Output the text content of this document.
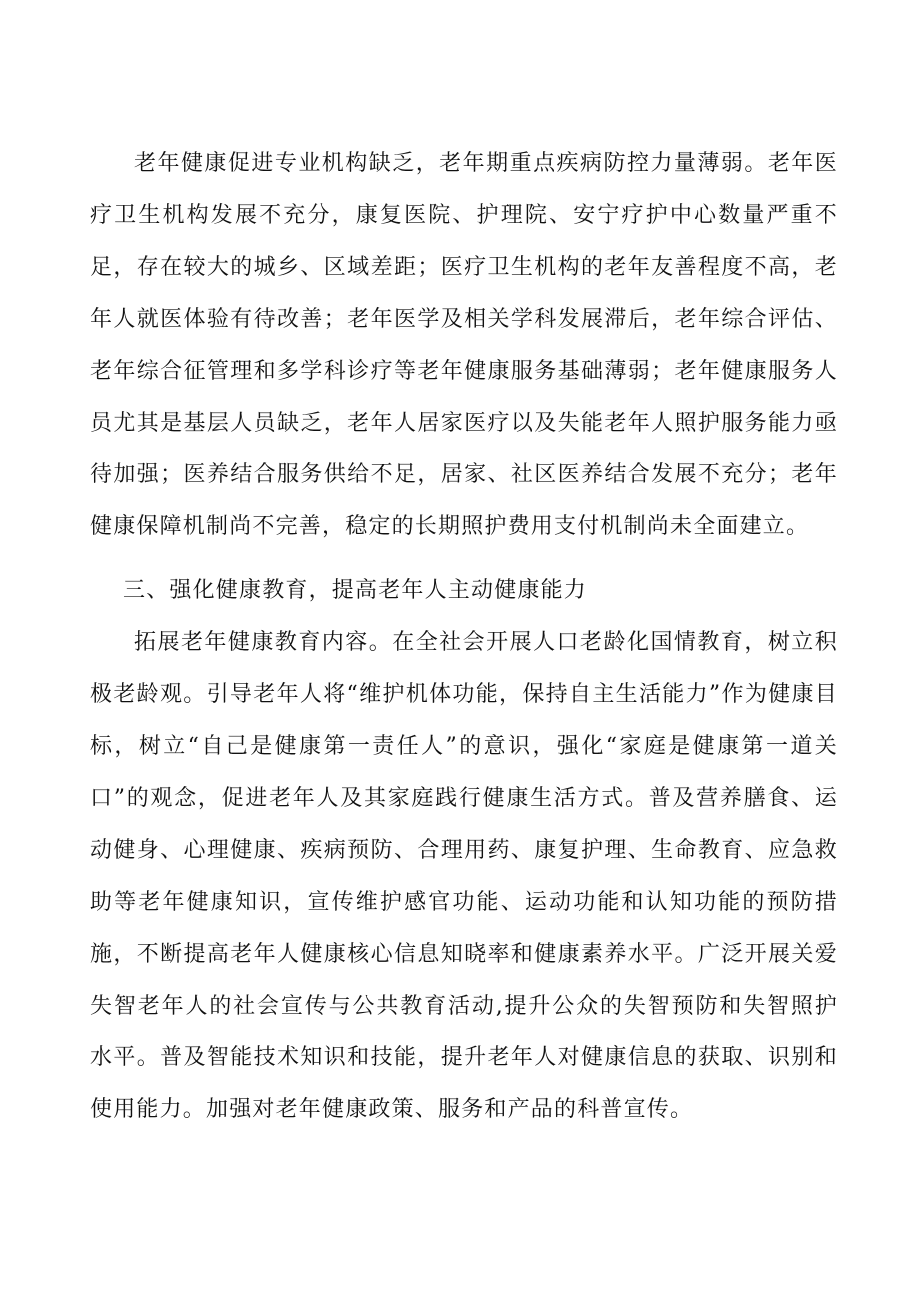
老年健康促进专业机构缺乏，老年期重点疾病防控力量薄弱。老年医疗卫生机构发展不充分，康复医院、护理院、安宁疗护中心数量严重不足，存在较大的城乡、区域差距；医疗卫生机构的老年友善程度不高，老年人就医体验有待改善；老年医学及相关学科发展滞后，老年综合评估、老年综合征管理和多学科诊疗等老年健康服务基础薄弱；老年健康服务人员尤其是基层人员缺乏，老年人居家医疗以及失能老年人照护服务能力亟待加强；医养结合服务供给不足，居家、社区医养结合发展不充分；老年健康保障机制尚不完善，稳定的长期照护费用支付机制尚未全面建立。

三、强化健康教育，提高老年人主动健康能力

拓展老年健康教育内容。在全社会开展人口老龄化国情教育，树立积极老龄观。引导老年人将“维护机体功能，保持自主生活能力”作为健康目标，树立“自己是健康第一责任人”的意识，强化“家庭是健康第一道关口”的观念，促进老年人及其家庭践行健康生活方式。普及营养膳食、运动健身、心理健康、疾病预防、合理用药、康复护理、生命教育、应急救助等老年健康知识，宣传维护感官功能、运动功能和认知功能的预防措施，不断提高老年人健康核心信息知晓率和健康素养水平。广泛开展关爱失智老年人的社会宣传与公共教育活动,提升公众的失智预防和失智照护水平。普及智能技术知识和技能，提升老年人对健康信息的获取、识别和使用能力。加强对老年健康政策、服务和产品的科普宣传。
